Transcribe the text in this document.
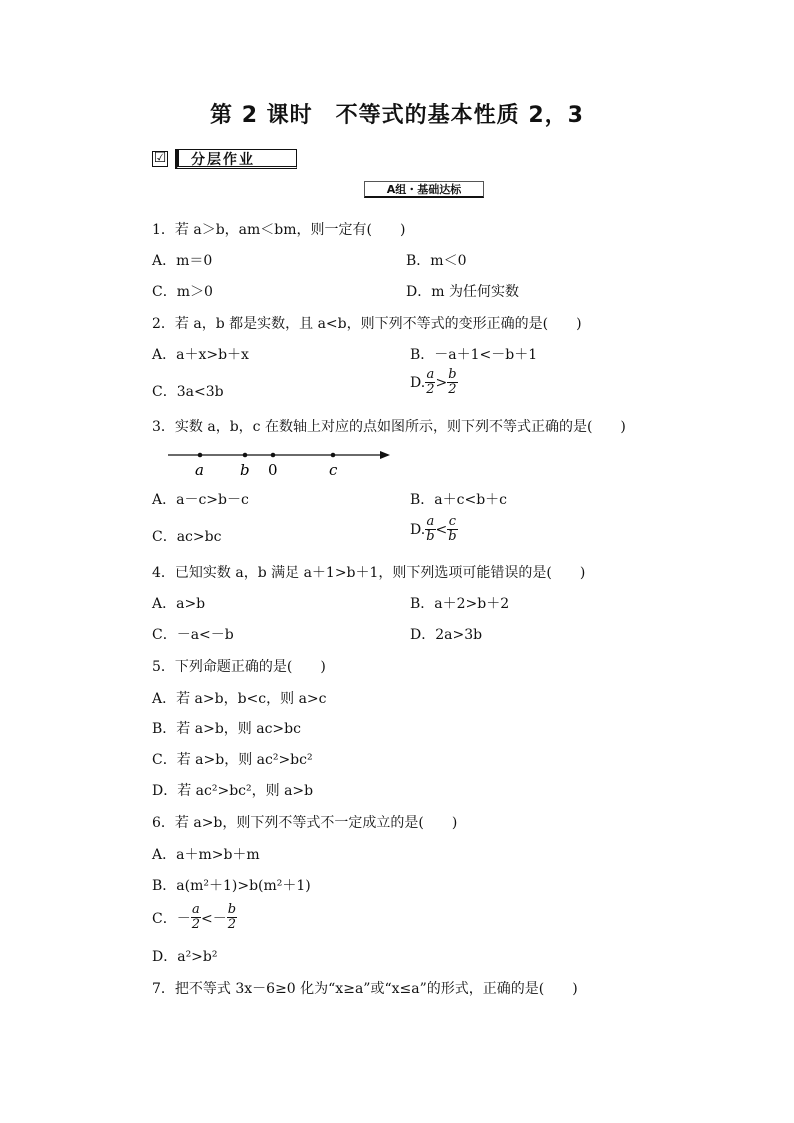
第 2 课时　不等式的基本性质 2，3
☑	分层作业
A组・基础达标
1．若 a＞b，am＜bm，则一定有(　　)
A．m＝0	B．m＜0
C．m＞0	D．m 为任何实数
2．若 a，b 都是实数，且 a<b，则下列不等式的变形正确的是(　　)
A．a＋x>b＋x	B．－a＋1<－b＋1
C．3a<3b
D. $\frac{a}{2} > \frac{b}{2}$
3．实数 a，b，c 在数轴上对应的点如图所示，则下列不等式正确的是(　　)
a b 0	c
A．a－c>b－c	B．a＋c<b＋c
C．ac>bc	D. $\frac{a}{b} < \frac{c}{b}$
4．已知实数 a，b 满足 a＋1>b＋1，则下列选项可能错误的是(　　)
A．a>b	B．a＋2>b＋2
C．－a<－b	D．2a>3b
5．下列命题正确的是(　　)
A．若 a>b，b<c，则 a>c
B．若 a>b，则 ac>bc
C．若 a>b，则 ac²>bc²
D．若 ac²>bc²，则 a>b
6．若 a>b，则下列不等式不一定成立的是(　　)
A．a＋m>b＋m
B．a(m²＋1)>b(m²＋1)
C．－ $\frac{a}{2} <- \frac{b}{2}$
D．a²>b²
7．把不等式 3x－6≥0 化为“x≥a”或“x≤a”的形式，正确的是(　　)
